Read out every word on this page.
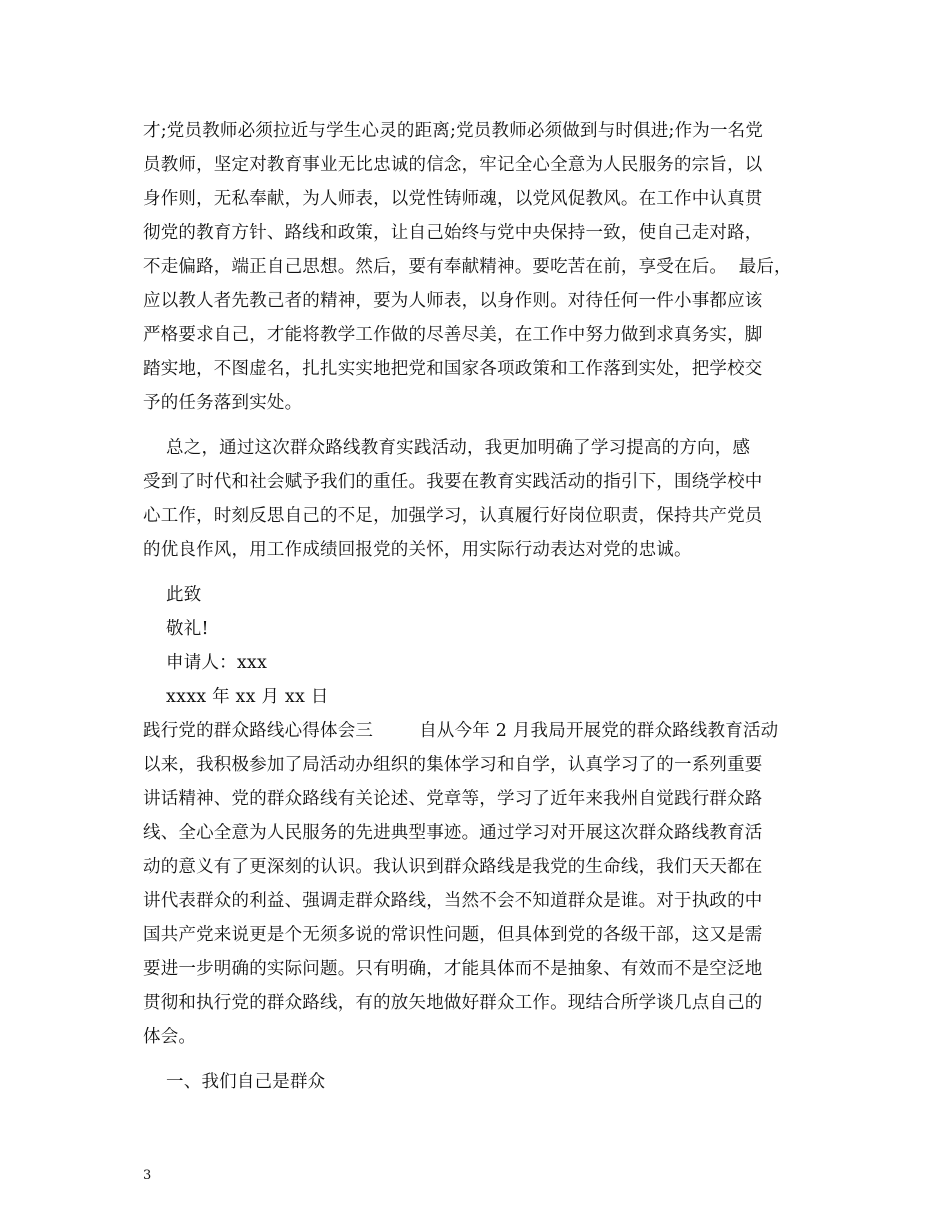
才;党员教师必须拉近与学生心灵的距离;党员教师必须做到与时俱进;作为一名党
员教师，坚定对教育事业无比忠诚的信念，牢记全心全意为人民服务的宗旨，以
身作则，无私奉献，为人师表，以党性铸师魂，以党风促教风。在工作中认真贯
彻党的教育方针、路线和政策，让自己始终与党中央保持一致，使自己走对路，
不走偏路，端正自己思想。然后，要有奉献精神。要吃苦在前，享受在后。  最后，
应以教人者先教己者的精神，要为人师表，以身作则。对待任何一件小事都应该
严格要求自己，才能将教学工作做的尽善尽美，在工作中努力做到求真务实，脚
踏实地，不图虚名，扎扎实实地把党和国家各项政策和工作落到实处，把学校交
予的任务落到实处。
总之，通过这次群众路线教育实践活动，我更加明确了学习提高的方向，感
受到了时代和社会赋予我们的重任。我要在教育实践活动的指引下，围绕学校中
心工作，时刻反思自己的不足，加强学习，认真履行好岗位职责，保持共产党员
的优良作风，用工作成绩回报党的关怀，用实际行动表达对党的忠诚。
此致
敬礼!
申请人：xxx
xxxx 年 xx 月 xx 日
践行党的群众路线心得体会三        自从今年 2 月我局开展党的群众路线教育活动
以来，我积极参加了局活动办组织的集体学习和自学，认真学习了的一系列重要
讲话精神、党的群众路线有关论述、党章等，学习了近年来我州自觉践行群众路
线、全心全意为人民服务的先进典型事迹。通过学习对开展这次群众路线教育活
动的意义有了更深刻的认识。我认识到群众路线是我党的生命线，我们天天都在
讲代表群众的利益、强调走群众路线，当然不会不知道群众是谁。对于执政的中
国共产党来说更是个无须多说的常识性问题，但具体到党的各级干部，这又是需
要进一步明确的实际问题。只有明确，才能具体而不是抽象、有效而不是空泛地
贯彻和执行党的群众路线，有的放矢地做好群众工作。现结合所学谈几点自己的
体会。
一、我们自己是群众
3
